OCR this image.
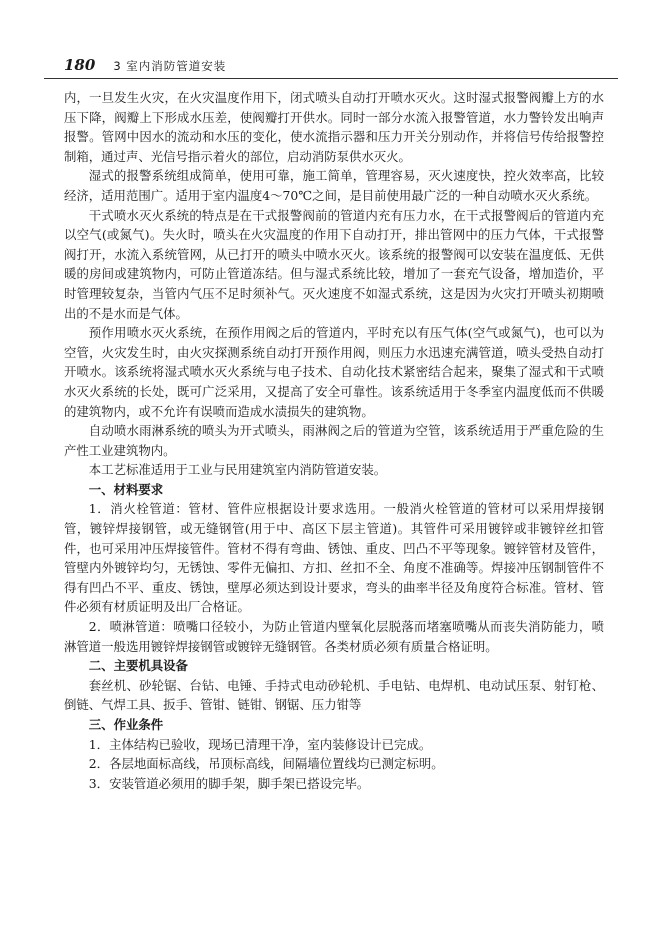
180 3 室内消防管道安装

内，一旦发生火灾，在火灾温度作用下，闭式喷头自动打开喷水灭火。这时湿式报警阀瓣上方的水压下降，阀瓣上下形成水压差，使阀瓣打开供水。同时一部分水流入报警管道，水力警铃发出响声报警。管网中因水的流动和水压的变化，使水流指示器和压力开关分别动作，并将信号传给报警控制箱，通过声、光信号指示着火的部位，启动消防泵供水灭火。

湿式的报警系统组成简单，使用可靠，施工简单，管理容易，灭火速度快，控火效率高，比较经济，适用范围广。适用于室内温度4～70℃之间，是目前使用最广泛的一种自动喷水灭火系统。

干式喷水灭火系统的特点是在干式报警阀前的管道内充有压力水，在干式报警阀后的管道内充以空气(或氮气)。失火时，喷头在火灾温度的作用下自动打开，排出管网中的压力气体，干式报警阀打开，水流入系统管网，从已打开的喷头中喷水灭火。该系统的报警阀可以安装在温度低、无供暖的房间或建筑物内，可防止管道冻结。但与湿式系统比较，增加了一套充气设备，增加造价，平时管理较复杂，当管内气压不足时须补气。灭火速度不如湿式系统，这是因为火灾打开喷头初期喷出的不是水而是气体。

预作用喷水灭火系统，在预作用阀之后的管道内，平时充以有压气体(空气或氮气)，也可以为空管，火灾发生时，由火灾探测系统自动打开预作用阀，则压力水迅速充满管道，喷头受热自动打开喷水。该系统将湿式喷水灭火系统与电子技术、自动化技术紧密结合起来，聚集了湿式和干式喷水灭火系统的长处，既可广泛采用，又提高了安全可靠性。该系统适用于冬季室内温度低而不供暖的建筑物内，或不允许有误喷而造成水渍损失的建筑物。

自动喷水雨淋系统的喷头为开式喷头，雨淋阀之后的管道为空管，该系统适用于严重危险的生产性工业建筑物内。

本工艺标准适用于工业与民用建筑室内消防管道安装。

一、材料要求

1．消火栓管道：管材、管件应根据设计要求选用。一般消火栓管道的管材可以采用焊接钢管，镀锌焊接钢管，或无缝钢管(用于中、高区下层主管道)。其管件可采用镀锌或非镀锌丝扣管件，也可采用冲压焊接管件。管材不得有弯曲、锈蚀、重皮、凹凸不平等现象。镀锌管材及管件，管壁内外镀锌均匀，无锈蚀、零件无偏扣、方扣、丝扣不全、角度不准确等。焊接冲压钢制管件不得有凹凸不平、重皮、锈蚀，壁厚必须达到设计要求，弯头的曲率半径及角度符合标准。管材、管件必须有材质证明及出厂合格证。

2．喷淋管道：喷嘴口径较小，为防止管道内壁氧化层脱落而堵塞喷嘴从而丧失消防能力，喷淋管道一般选用镀锌焊接钢管或镀锌无缝钢管。各类材质必须有质量合格证明。

二、主要机具设备

套丝机、砂轮锯、台钻、电锤、手持式电动砂轮机、手电钻、电焊机、电动试压泵、射钉枪、倒链、气焊工具、扳手、管钳、链钳、钢锯、压力钳等

三、作业条件

1．主体结构已验收，现场已清理干净，室内装修设计已完成。

2．各层地面标高线，吊顶标高线，间隔墙位置线均已测定标明。

3．安装管道必须用的脚手架，脚手架已搭设完毕。
